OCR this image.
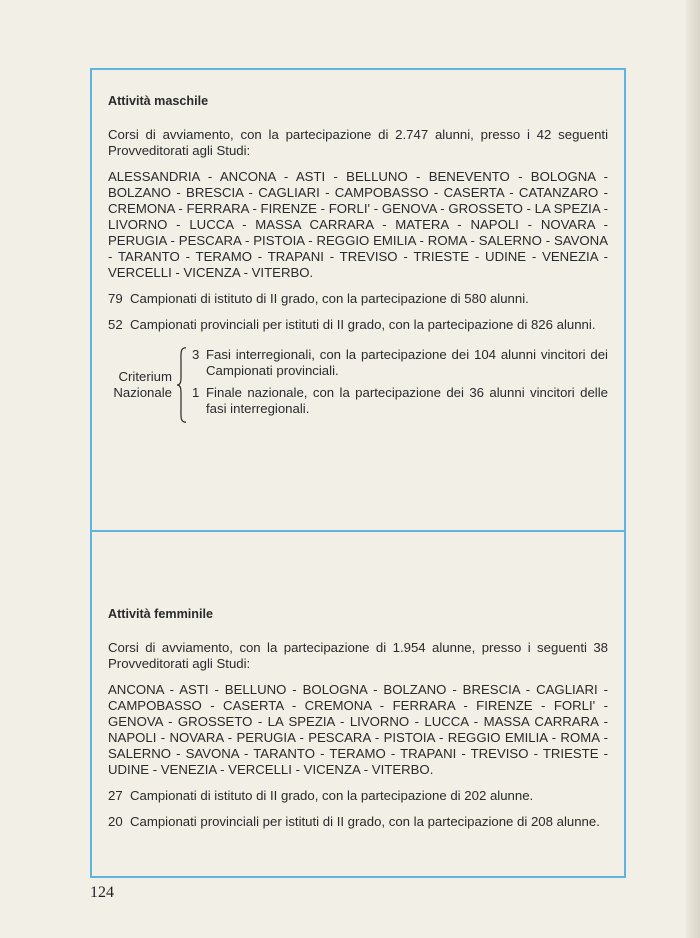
Attività maschile

Corsi di avviamento, con la partecipazione di 2.747 alunni, presso i 42 seguenti Provveditorati agli Studi:

ALESSANDRIA - ANCONA - ASTI - BELLUNO - BENEVENTO - BOLOGNA - BOLZANO - BRESCIA - CAGLIARI - CAMPOBASSO - CASERTA - CATANZARO - CREMONA - FERRARA - FIRENZE - FORLI' - GENOVA - GROSSETO - LA SPEZIA - LIVORNO - LUCCA - MASSA CARRARA - MATERA - NAPOLI - NOVARA - PERUGIA - PESCARA - PISTOIA - REGGIO EMILIA - ROMA - SALERNO - SAVONA - TARANTO - TERAMO - TRAPANI - TREVISO - TRIESTE - UDINE - VENEZIA - VERCELLI - VICENZA - VITERBO.

79 Campionati di istituto di II grado, con la partecipazione di 580 alunni.
52 Campionati provinciali per istituti di II grado, con la partecipazione di 826 alunni.
Criterium
Nazionale
3 Fasi interregionali, con la partecipazione dei 104 alunni vincitori dei Campionati provinciali.
1 Finale nazionale, con la partecipazione dei 36 alunni vincitori delle fasi interregionali.
Attività femminile

Corsi di avviamento, con la partecipazione di 1.954 alunne, presso i seguenti 38 Provveditorati agli Studi:

ANCONA - ASTI - BELLUNO - BOLOGNA - BOLZANO - BRESCIA - CAGLIARI - CAMPOBASSO - CASERTA - CREMONA - FERRARA - FIRENZE - FORLI' - GENOVA - GROSSETO - LA SPEZIA - LIVORNO - LUCCA - MASSA CARRARA - NAPOLI - NOVARA - PERUGIA - PESCARA - PISTOIA - REGGIO EMILIA - ROMA - SALERNO - SAVONA - TARANTO - TERAMO - TRAPANI - TREVISO - TRIESTE - UDINE - VENEZIA - VERCELLI - VICENZA - VITERBO.

27 Campionati di istituto di II grado, con la partecipazione di 202 alunne.
20 Campionati provinciali per istituti di II grado, con la partecipazione di 208 alunne.
124
